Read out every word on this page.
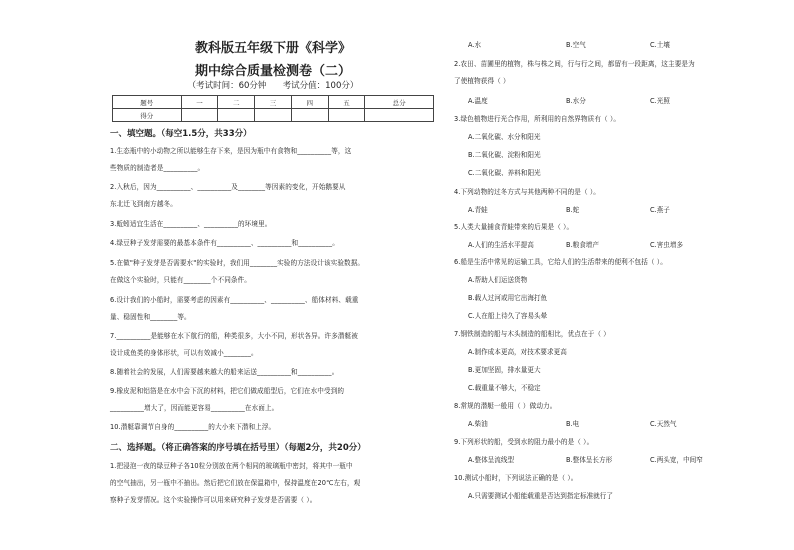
教科版五年级下册《科学》
期中综合质量检测卷（二）
（考试时间：60分钟      考试分值：100分）
题号	一	二	三	四	五	总分
得分						
一、填空题。（每空1.5分，共33分）
1.生态瓶中的小动物之所以能够生存下来，是因为瓶中有食物和__________等，这
些物质的制造者是__________。
2.入秋后，因为__________、__________及________等因素的变化，开始鹅要从
东北迁飞到南方越冬。
3.蚯蚓适宜生活在__________、__________的环境里。
4.绿豆种子发芽需要的最基本条件有__________、__________和__________。
5.在做"种子发芽是否需要水"的实验时，我们用________实验的方法设计该实验数据。
在做这个实验时，只能有________个不同条件。
6.设计我们的小船时，需要考虑的因素有__________、__________、船体材料、载重
量、稳固性和________等。
7.__________是能够在水下航行的船，种类很多，大小不同，形状各异。许多潜艇被
设计成鱼类的身体形状，可以有效减小________。
8.随着社会的发展，人们需要越来越大的船来运送__________和__________。
9.橡皮泥和铝箔是在水中会下沉的材料，把它们做成船型后，它们在水中受到的
__________增大了，因而能更容易__________在水面上。
10.潜艇靠调节自身的__________的大小来下潜和上浮。
二、选择题。（将正确答案的序号填在括号里）（每题2分，共20分）
1.把浸泡一夜的绿豆种子各10粒分别放在两个相同的玻璃瓶中密封，将其中一瓶中
的空气抽出，另一瓶中不抽出。然后把它们放在保温箱中，保持温度在20℃左右，观
察种子发芽情况。这个实验操作可以用来研究种子发芽是否需要（ ）。
A.水	B.空气	C.土壤
2.农田、苗圃里的植物，株与株之间，行与行之间，都留有一段距离，这主要是为
了使植物获得（ ）
A.温度	B.水分	C.光照
3.绿色植物进行光合作用，所利用的自然界物质有（ ）。
A.二氧化碳、水分和阳光
B.二氧化碳、淀粉和阳光
C.二氧化碳、养料和阳光
4.下列动物的过冬方式与其他两种不同的是（ ）。
A.青蛙	B.蛇	C.燕子
5.人类大量捕食青蛙带来的后果是（ ）。
A.人们的生活水平提高	B.粮食增产	C.害虫增多
6.船是生活中常见的运输工具，它给人们的生活带来的便利不包括（ ）。
A.帮助人们运送货物
B.载人过河或用它出海打鱼
C.人在船上待久了容易头晕
7.钢铁制造的船与木头制造的船相比，优点在于（ ）
A.制作成本更高，对技术要求更高
B.更加坚固，排水量更大
C.载重量不够大，不稳定
8.常规的潜艇一般用（ ）做动力。
A.柴油	B.电	C.天然气
9.下列形状的船，受到水的阻力最小的是（ ）。
A.整体呈流线型	B.整体呈长方形	C.两头宽，中间窄
10.测试小船时，下列说法正确的是（ ）。
A.只需要测试小船能载重是否达到指定标准就行了
